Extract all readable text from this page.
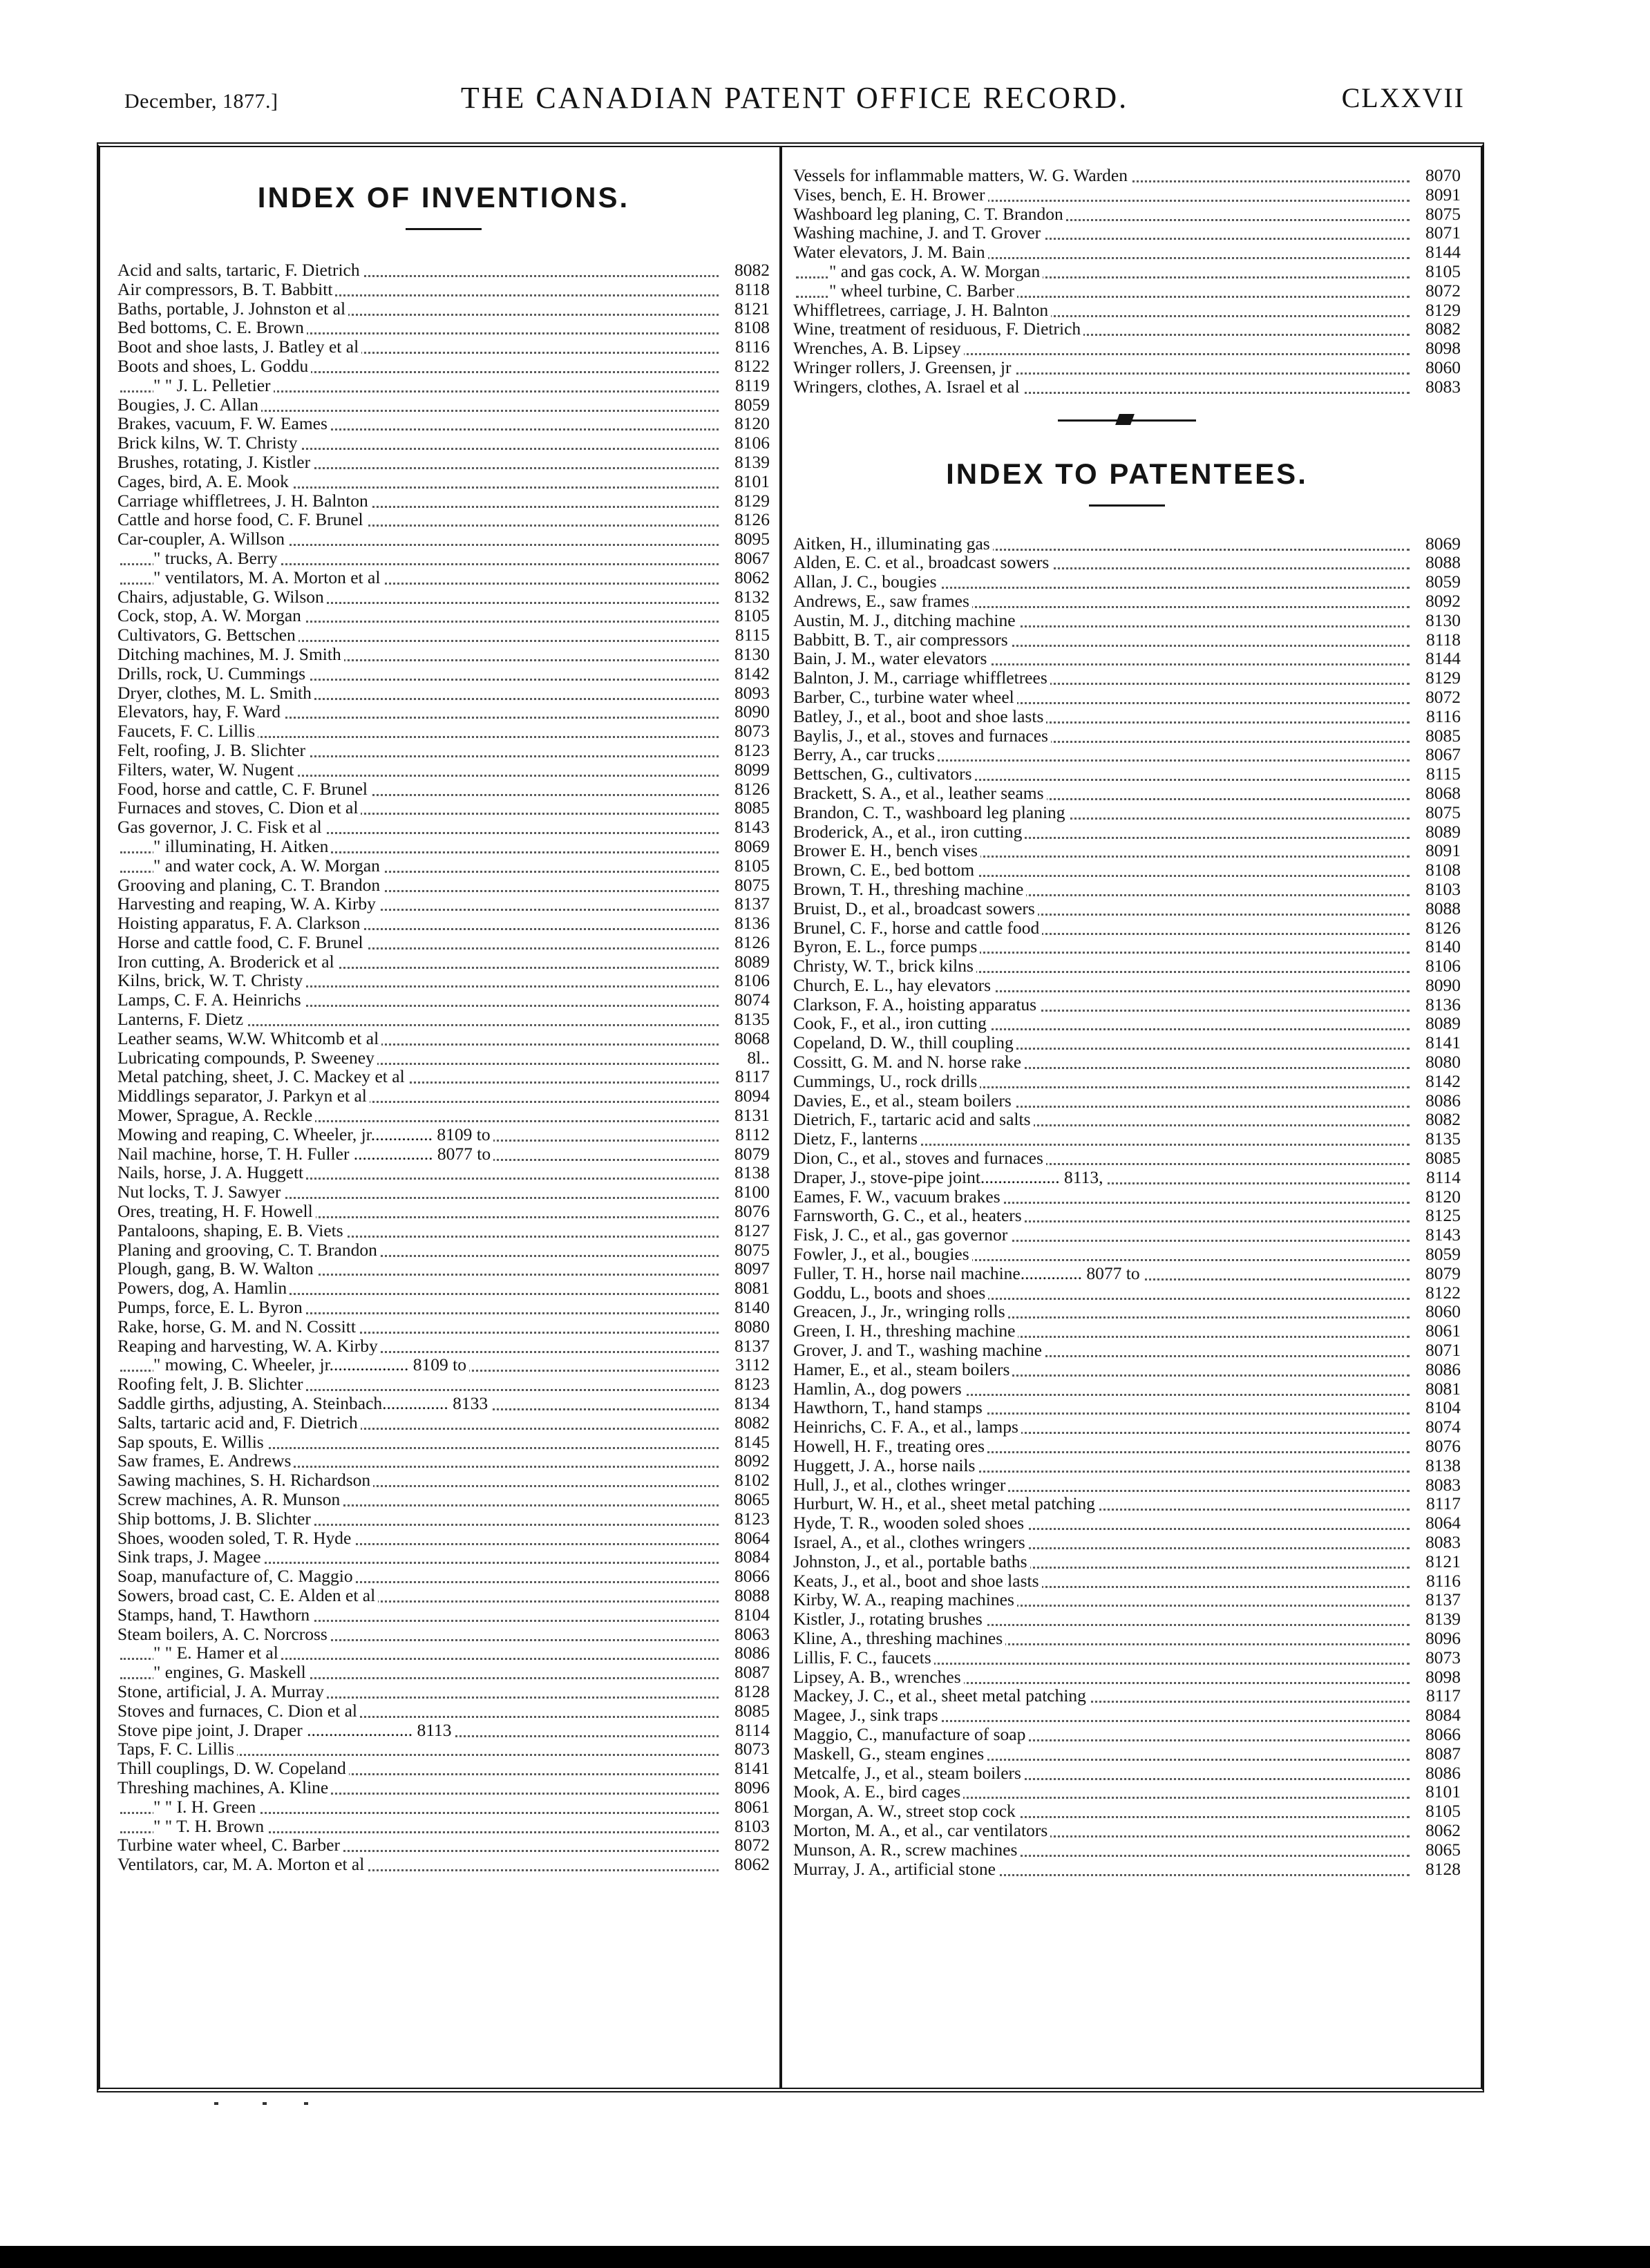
December, 1877.]	THE CANADIAN PATENT OFFICE RECORD.	CLXXVII
INDEX OF INVENTIONS.
Acid and salts, tartaric, F. Dietrich	8082
Air compressors, B. T. Babbitt	8118
Baths, portable, J. Johnston et al	8121
Bed bottoms, C. E. Brown	8108
Boot and shoe lasts, J. Batley et al	8116
Boots and shoes, L. Goddu	8122
" " J. L. Pelletier	8119
Bougies, J. C. Allan	8059
Brakes, vacuum, F. W. Eames	8120
Brick kilns, W. T. Christy	8106
Brushes, rotating, J. Kistler	8139
Cages, bird, A. E. Mook	8101
Carriage whiffletrees, J. H. Balnton	8129
Cattle and horse food, C. F. Brunel	8126
Car-coupler, A. Willson	8095
" trucks, A. Berry	8067
" ventilators, M. A. Morton et al	8062
Chairs, adjustable, G. Wilson	8132
Cock, stop, A. W. Morgan	8105
Cultivators, G. Bettschen	8115
Ditching machines, M. J. Smith	8130
Drills, rock, U. Cummings	8142
Dryer, clothes, M. L. Smith	8093
Elevators, hay, F. Ward	8090
Faucets, F. C. Lillis	8073
Felt, roofing, J. B. Slichter	8123
Filters, water, W. Nugent	8099
Food, horse and cattle, C. F. Brunel	8126
Furnaces and stoves, C. Dion et al	8085
Gas governor, J. C. Fisk et al	8143
" illuminating, H. Aitken	8069
" and water cock, A. W. Morgan	8105
Grooving and planing, C. T. Brandon	8075
Harvesting and reaping, W. A. Kirby	8137
Hoisting apparatus, F. A. Clarkson	8136
Horse and cattle food, C. F. Brunel	8126
Iron cutting, A. Broderick et al	8089
Kilns, brick, W. T. Christy	8106
Lamps, C. F. A. Heinrichs	8074
Lanterns, F. Dietz	8135
Leather seams, W.W. Whitcomb et al	8068
Lubricating compounds, P. Sweeney	8l..
Metal patching, sheet, J. C. Mackey et al	8117
Middlings separator, J. Parkyn et al	8094
Mower, Sprague, A. Reckle	8131
Mowing and reaping, C. Wheeler, jr.............. 8109 to	8112
Nail machine, horse, T. H. Fuller .................. 8077 to	8079
Nails, horse, J. A. Huggett	8138
Nut locks, T. J. Sawyer	8100
Ores, treating, H. F. Howell	8076
Pantaloons, shaping, E. B. Viets	8127
Planing and grooving, C. T. Brandon	8075
Plough, gang, B. W. Walton	8097
Powers, dog, A. Hamlin	8081
Pumps, force, E. L. Byron	8140
Rake, horse, G. M. and N. Cossitt	8080
Reaping and harvesting, W. A. Kirby	8137
" mowing, C. Wheeler, jr.................. 8109 to	3112
Roofing felt, J. B. Slichter	8123
Saddle girths, adjusting, A. Steinbach............... 8133	8134
Salts, tartaric acid and, F. Dietrich	8082
Sap spouts, E. Willis	8145
Saw frames, E. Andrews	8092
Sawing machines, S. H. Richardson	8102
Screw machines, A. R. Munson	8065
Ship bottoms, J. B. Slichter	8123
Shoes, wooden soled, T. R. Hyde	8064
Sink traps, J. Magee	8084
Soap, manufacture of, C. Maggio	8066
Sowers, broad cast, C. E. Alden et al	8088
Stamps, hand, T. Hawthorn	8104
Steam boilers, A. C. Norcross	8063
" " E. Hamer et al	8086
" engines, G. Maskell	8087
Stone, artificial, J. A. Murray	8128
Stoves and furnaces, C. Dion et al	8085
Stove pipe joint, J. Draper ........................ 8113	8114
Taps, F. C. Lillis	8073
Thill couplings, D. W. Copeland	8141
Threshing machines, A. Kline	8096
" " I. H. Green	8061
" " T. H. Brown	8103
Turbine water wheel, C. Barber	8072
Ventilators, car, M. A. Morton et al	8062
Vessels for inflammable matters, W. G. Warden	8070
Vises, bench, E. H. Brower	8091
Washboard leg planing, C. T. Brandon	8075
Washing machine, J. and T. Grover	8071
Water elevators, J. M. Bain	8144
" and gas cock, A. W. Morgan	8105
" wheel turbine, C. Barber	8072
Whiffletrees, carriage, J. H. Balnton	8129
Wine, treatment of residuous, F. Dietrich	8082
Wrenches, A. B. Lipsey	8098
Wringer rollers, J. Greensen, jr	8060
Wringers, clothes, A. Israel et al	8083
INDEX TO PATENTEES.
Aitken, H., illuminating gas	8069
Alden, E. C. et al., broadcast sowers	8088
Allan, J. C., bougies	8059
Andrews, E., saw frames	8092
Austin, M. J., ditching machine	8130
Babbitt, B. T., air compressors	8118
Bain, J. M., water elevators	8144
Balnton, J. M., carriage whiffletrees	8129
Barber, C., turbine water wheel	8072
Batley, J., et al., boot and shoe lasts	8116
Baylis, J., et al., stoves and furnaces	8085
Berry, A., car trucks	8067
Bettschen, G., cultivators	8115
Brackett, S. A., et al., leather seams	8068
Brandon, C. T., washboard leg planing	8075
Broderick, A., et al., iron cutting	8089
Brower E. H., bench vises	8091
Brown, C. E., bed bottom	8108
Brown, T. H., threshing machine	8103
Bruist, D., et al., broadcast sowers	8088
Brunel, C. F., horse and cattle food	8126
Byron, E. L., force pumps	8140
Christy, W. T., brick kilns	8106
Church, E. L., hay elevators	8090
Clarkson, F. A., hoisting apparatus	8136
Cook, F., et al., iron cutting	8089
Copeland, D. W., thill coupling	8141
Cossitt, G. M. and N. horse rake	8080
Cummings, U., rock drills	8142
Davies, E., et al., steam boilers	8086
Dietrich, F., tartaric acid and salts	8082
Dietz, F., lanterns	8135
Dion, C., et al., stoves and furnaces	8085
Draper, J., stove-pipe joint.................. 8113,	8114
Eames, F. W., vacuum brakes	8120
Farnsworth, G. C., et al., heaters	8125
Fisk, J. C., et al., gas governor	8143
Fowler, J., et al., bougies	8059
Fuller, T. H., horse nail machine.............. 8077 to	8079
Goddu, L., boots and shoes	8122
Greacen, J., Jr., wringing rolls	8060
Green, I. H., threshing machine	8061
Grover, J. and T., washing machine	8071
Hamer, E., et al., steam boilers	8086
Hamlin, A., dog powers	8081
Hawthorn, T., hand stamps	8104
Heinrichs, C. F. A., et al., lamps	8074
Howell, H. F., treating ores	8076
Huggett, J. A., horse nails	8138
Hull, J., et al., clothes wringer	8083
Hurburt, W. H., et al., sheet metal patching	8117
Hyde, T. R., wooden soled shoes	8064
Israel, A., et al., clothes wringers	8083
Johnston, J., et al., portable baths	8121
Keats, J., et al., boot and shoe lasts	8116
Kirby, W. A., reaping machines	8137
Kistler, J., rotating brushes	8139
Kline, A., threshing machines	8096
Lillis, F. C., faucets	8073
Lipsey, A. B., wrenches	8098
Mackey, J. C., et al., sheet metal patching	8117
Magee, J., sink traps	8084
Maggio, C., manufacture of soap	8066
Maskell, G., steam engines	8087
Metcalfe, J., et al., steam boilers	8086
Mook, A. E., bird cages	8101
Morgan, A. W., street stop cock	8105
Morton, M. A., et al., car ventilators	8062
Munson, A. R., screw machines	8065
Murray, J. A., artificial stone	8128
